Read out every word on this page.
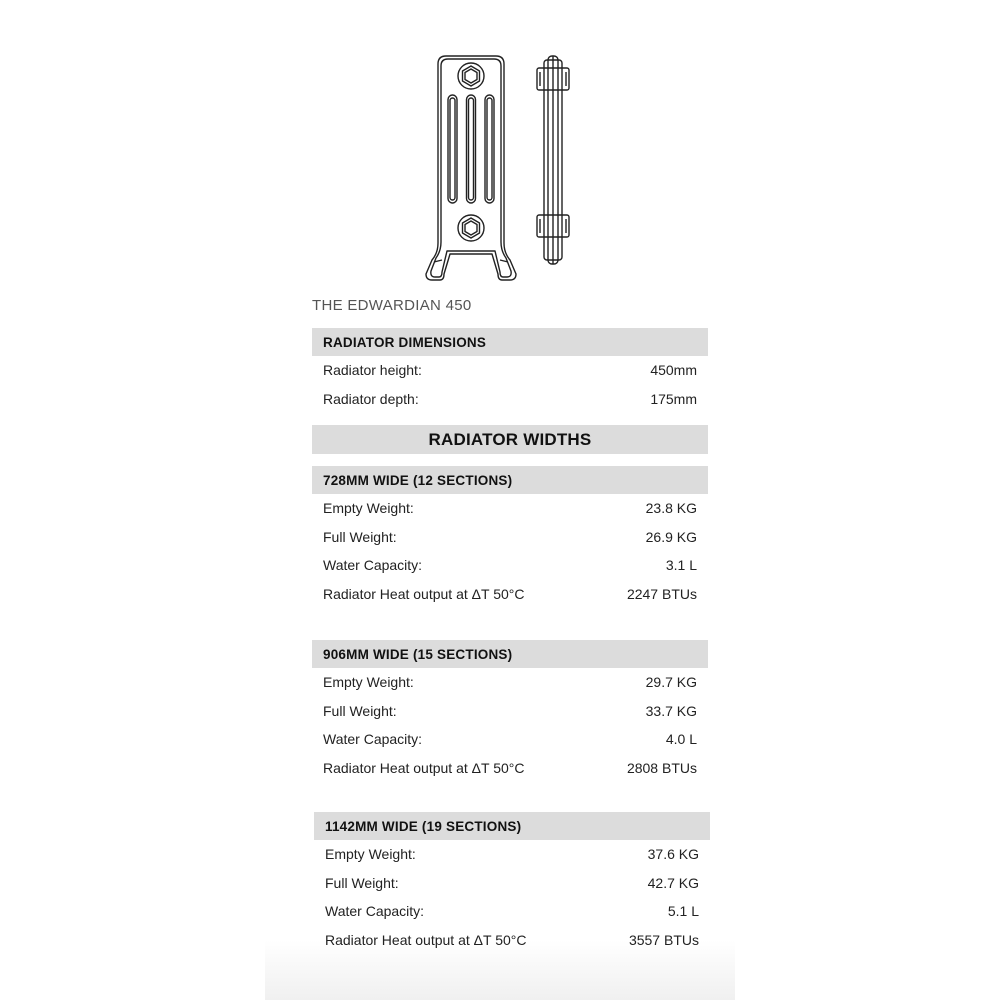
THE EDWARDIAN 450
RADIATOR DIMENSIONS
Radiator height:	450mm
Radiator depth:	175mm
RADIATOR WIDTHS
728MM WIDE (12 SECTIONS)
Empty Weight:	23.8 KG
Full Weight:	26.9 KG
Water Capacity:	3.1 L
Radiator Heat output at ΔT 50°C	2247 BTUs
906MM WIDE (15 SECTIONS)
Empty Weight:	29.7 KG
Full Weight:	33.7 KG
Water Capacity:	4.0 L
Radiator Heat output at ΔT 50°C	2808 BTUs
1142MM WIDE (19 SECTIONS)
Empty Weight:	37.6 KG
Full Weight:	42.7 KG
Water Capacity:	5.1 L
Radiator Heat output at ΔT 50°C	3557 BTUs
